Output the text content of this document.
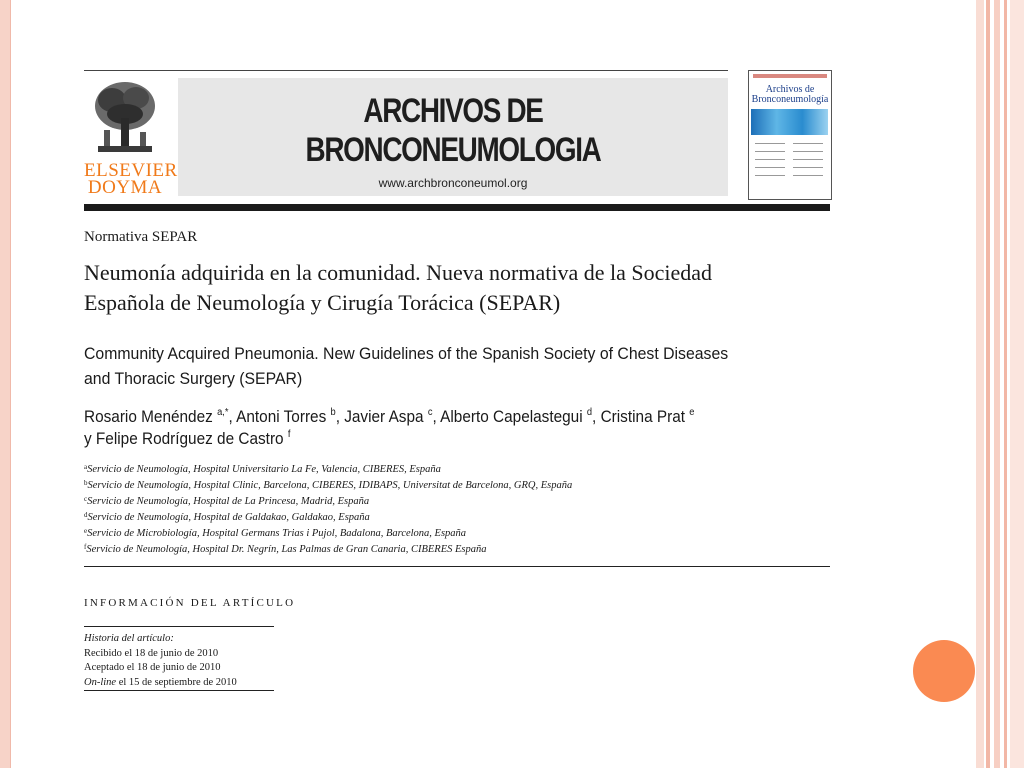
ELSEVIER
DOYMA
ARCHIVOS DE BRONCONEUMOLOGIA
www.archbronconeumol.org
Archivos de
Bronconeumología
Normativa SEPAR
Neumonía adquirida en la comunidad. Nueva normativa de la Sociedad
Española de Neumología y Cirugía Torácica (SEPAR)
Community Acquired Pneumonia. New Guidelines of the Spanish Society of Chest Diseases
and Thoracic Surgery (SEPAR)
Rosario Menéndez $^{a,*}$, Antoni Torres $^b$, Javier Aspa $^c$, Alberto Capelastegui $^d$, Cristina Prat $^e$
y Felipe Rodríguez de Castro $^f$
$^a$Servicio de Neumología, Hospital Universitario La Fe, Valencia, CIBERES, España
$^b$Servicio de Neumología, Hospital Clinic, Barcelona, CIBERES, IDIBAPS, Universitat de Barcelona, GRQ, España
$^c$Servicio de Neumología, Hospital de La Princesa, Madrid, España
$^d$Servicio de Neumología, Hospital de Galdakao, Galdakao, España
$^e$Servicio de Microbiología, Hospital Germans Trias i Pujol, Badalona, Barcelona, España
$^f$Servicio de Neumología, Hospital Dr. Negrín, Las Palmas de Gran Canaria, CIBERES España
INFORMACIÓN DEL ARTÍCULO
Historia del artículo:
Recibido el 18 de junio de 2010
Aceptado el 18 de junio de 2010
On-line el 15 de septiembre de 2010
